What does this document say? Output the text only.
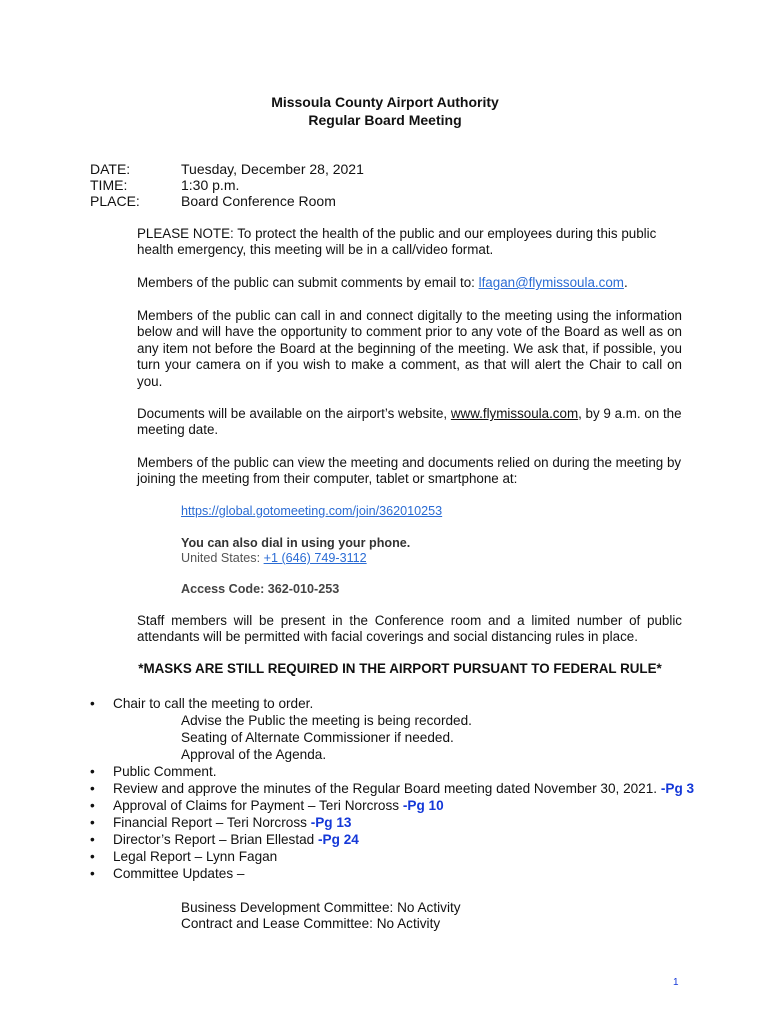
Missoula County Airport Authority
Regular Board Meeting
DATE:	Tuesday, December 28, 2021
TIME:	1:30 p.m.
PLACE:	Board Conference Room
PLEASE NOTE: To protect the health of the public and our employees during this public health emergency, this meeting will be in a call/video format.
Members of the public can submit comments by email to: lfagan@flymissoula.com.
Members of the public can call in and connect digitally to the meeting using the information below and will have the opportunity to comment prior to any vote of the Board as well as on any item not before the Board at the beginning of the meeting. We ask that, if possible, you turn your camera on if you wish to make a comment, as that will alert the Chair to call on you.
Documents will be available on the airport’s website, www.flymissoula.com, by 9 a.m. on the meeting date.
Members of the public can view the meeting and documents relied on during the meeting by joining the meeting from their computer, tablet or smartphone at:
https://global.gotomeeting.com/join/362010253
You can also dial in using your phone.
United States: +1 (646) 749-3112
Access Code: 362-010-253
Staff members will be present in the Conference room and a limited number of public attendants will be permitted with facial coverings and social distancing rules in place.
*MASKS ARE STILL REQUIRED IN THE AIRPORT PURSUANT TO FEDERAL RULE*
• Chair to call the meeting to order.
Advise the Public the meeting is being recorded.
Seating of Alternate Commissioner if needed.
Approval of the Agenda.
• Public Comment.
• Review and approve the minutes of the Regular Board meeting dated November 30, 2021. -Pg 3
• Approval of Claims for Payment – Teri Norcross -Pg 10
• Financial Report – Teri Norcross -Pg 13
• Director’s Report – Brian Ellestad -Pg 24
• Legal Report – Lynn Fagan
• Committee Updates –
Business Development Committee: No Activity
Contract and Lease Committee: No Activity
1
